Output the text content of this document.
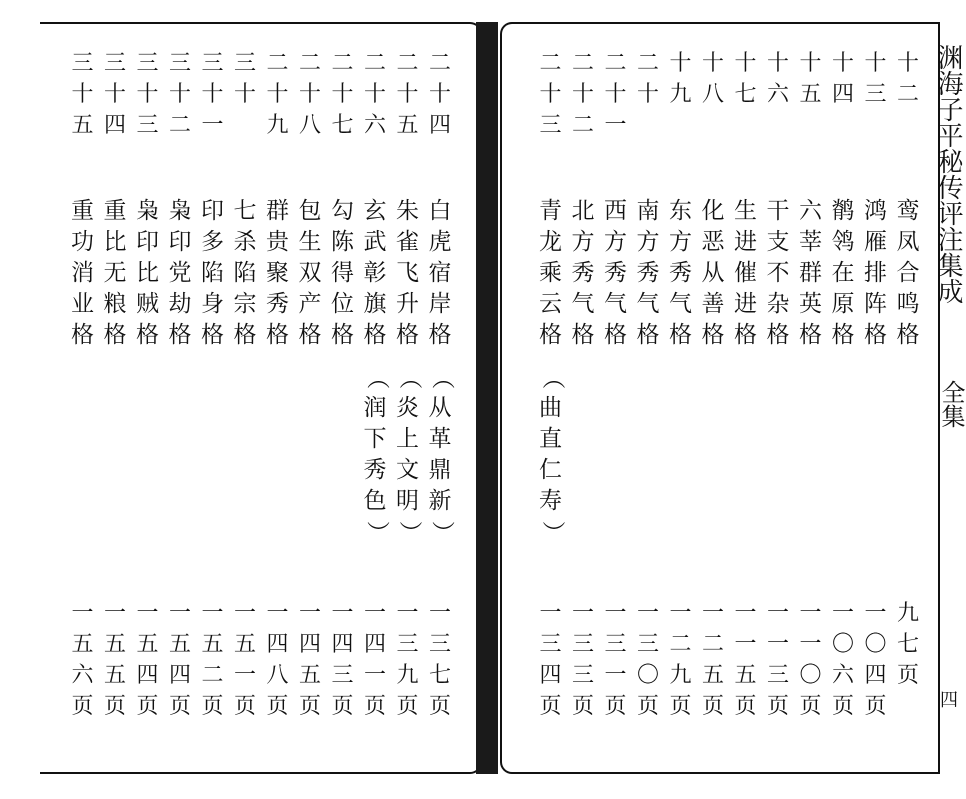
渊海子平秘传评注集成
全集
四
十
二
鸾
凤
合
鸣
格
九
七
页
十
三
鸿
雁
排
阵
格
一
〇
四
页
十
四
鹡
鸰
在
原
格
一
〇
六
页
十
五
六
莘
群
英
格
一
一
〇
页
十
六
干
支
不
杂
格
一
一
三
页
十
七
生
进
催
进
格
一
一
五
页
十
八
化
恶
从
善
格
一
二
五
页
十
九
东
方
秀
气
格
一
二
九
页
二
十
南
方
秀
气
格
一
三
〇
页
二
十
一
西
方
秀
气
格
一
三
一
页
二
十
二
北
方
秀
气
格
一
三
三
页
二
十
三
青
龙
乘
云
格
（
曲
直
仁
寿
）
一
三
四
页
二
十
四
白
虎
宿
岸
格
（
从
革
鼎
新
）
一
三
七
页
二
十
五
朱
雀
飞
升
格
（
炎
上
文
明
）
一
三
九
页
二
十
六
玄
武
彰
旗
格
（
润
下
秀
色
）
一
四
一
页
二
十
七
勾
陈
得
位
格
一
四
三
页
二
十
八
包
生
双
产
格
一
四
五
页
二
十
九
群
贵
聚
秀
格
一
四
八
页
三
十
七
杀
陷
宗
格
一
五
一
页
三
十
一
印
多
陷
身
格
一
五
二
页
三
十
二
枭
印
党
劫
格
一
五
四
页
三
十
三
枭
印
比
贼
格
一
五
四
页
三
十
四
重
比
无
粮
格
一
五
五
页
三
十
五
重
功
消
业
格
一
五
六
页
